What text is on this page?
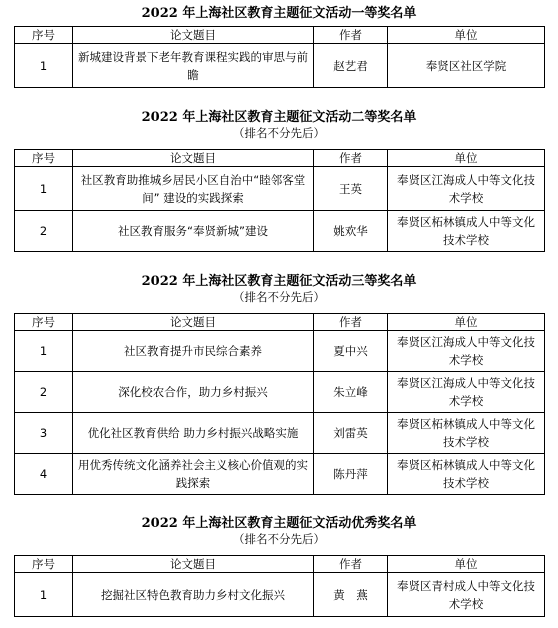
2022 年上海社区教育主题征文活动一等奖名单
序号	论文题目	作者	单位
1	新城建设背景下老年教育课程实践的审思与前瞻	赵艺君	奉贤区社区学院
2022 年上海社区教育主题征文活动二等奖名单
（排名不分先后）
序号	论文题目	作者	单位
1	社区教育助推城乡居民小区自治中“睦邻客堂间” 建设的实践探索	王英	奉贤区江海成人中等文化技术学校
2	社区教育服务“奉贤新城”建设	姚欢华	奉贤区柘林镇成人中等文化技术学校
2022 年上海社区教育主题征文活动三等奖名单
（排名不分先后）
序号	论文题目	作者	单位
1	社区教育提升市民综合素养	夏中兴	奉贤区江海成人中等文化技术学校
2	深化校农合作，助力乡村振兴	朱立峰	奉贤区江海成人中等文化技术学校
3	优化社区教育供给 助力乡村振兴战略实施	刘雷英	奉贤区柘林镇成人中等文化技术学校
4	用优秀传统文化涵养社会主义核心价值观的实践探索	陈丹萍	奉贤区柘林镇成人中等文化技术学校
2022 年上海社区教育主题征文活动优秀奖名单
（排名不分先后）
序号	论文题目	作者	单位
1	挖掘社区特色教育助力乡村文化振兴	黄　燕	奉贤区青村成人中等文化技术学校
